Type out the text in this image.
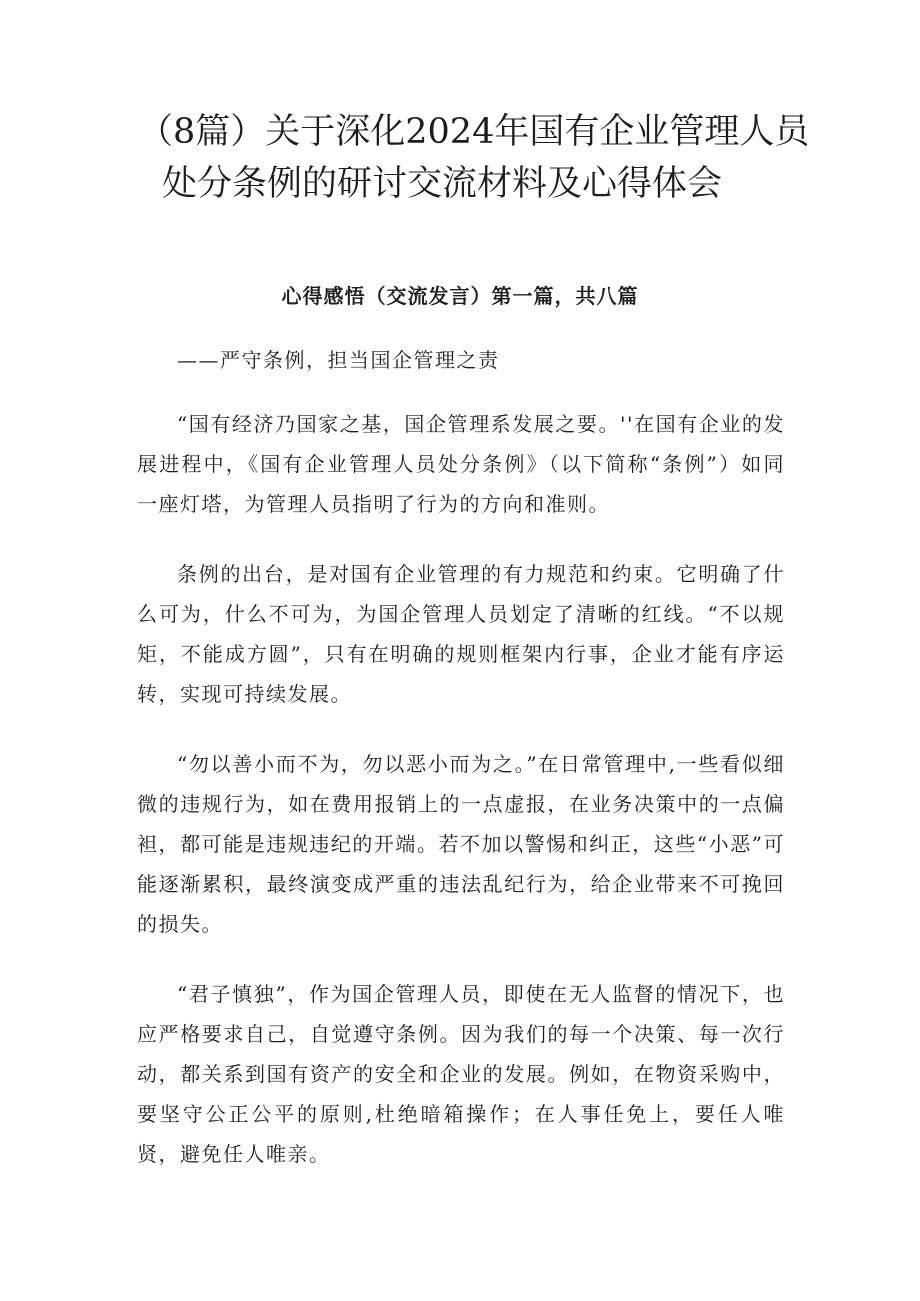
（8篇）关于深化2024年国有企业管理人员处分条例的研讨交流材料及心得体会
心得感悟（交流发言）第一篇，共八篇

——严守条例，担当国企管理之责

“国有经济乃国家之基，国企管理系发展之要。''在国有企业的发展进程中，《国有企业管理人员处分条例》（以下简称“条例”）如同一座灯塔，为管理人员指明了行为的方向和准则。

条例的出台，是对国有企业管理的有力规范和约束。它明确了什么可为，什么不可为，为国企管理人员划定了清晰的红线。“不以规矩，不能成方圆”，只有在明确的规则框架内行事，企业才能有序运转，实现可持续发展。

“勿以善小而不为，勿以恶小而为之。”在日常管理中,一些看似细微的违规行为，如在费用报销上的一点虚报，在业务决策中的一点偏袒，都可能是违规违纪的开端。若不加以警惕和纠正，这些“小恶”可能逐渐累积，最终演变成严重的违法乱纪行为，给企业带来不可挽回的损失。

“君子慎独”，作为国企管理人员，即使在无人监督的情况下，也应严格要求自己，自觉遵守条例。因为我们的每一个决策、每一次行动，都关系到国有资产的安全和企业的发展。例如，在物资采购中，要坚守公正公平的原则,杜绝暗箱操作；在人事任免上，要任人唯贤，避免任人唯亲。
